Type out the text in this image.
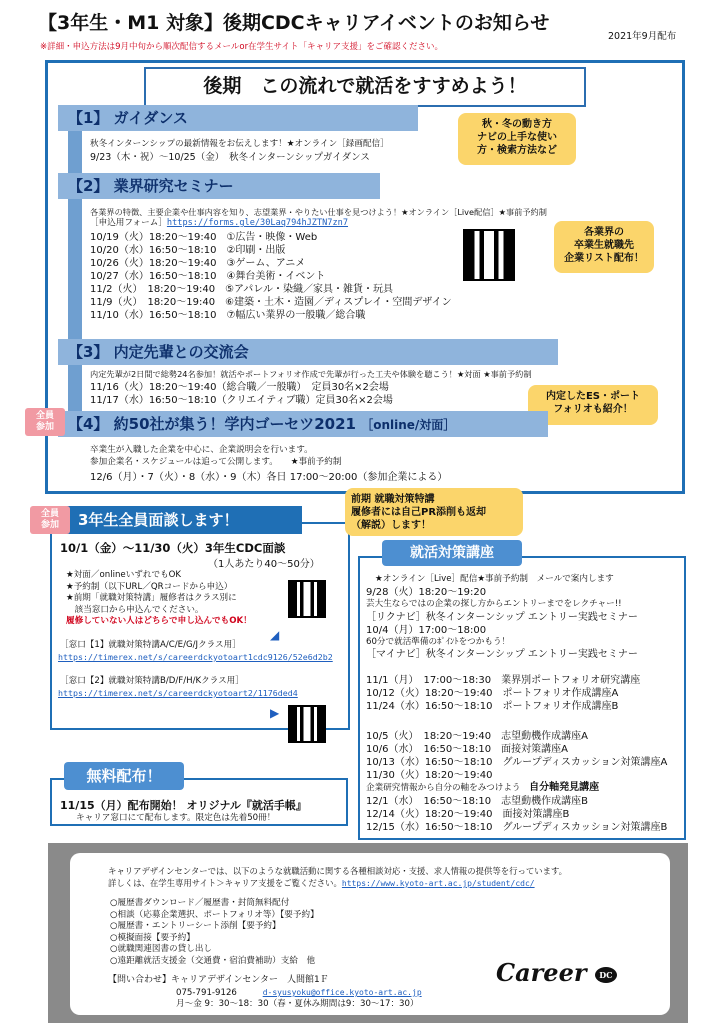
【3年生・M1 対象】後期CDCキャリアイベントのお知らせ
2021年9月配布
※詳細・申込方法は9月中旬から順次配信するメールor在学生サイト「キャリア支援」をご確認ください。
後期　この流れで就活をすすめよう！
【1】 ガイダンス
秋冬インターンシップの最新情報をお伝えします！★オンライン［録画配信］
9/23（木・祝）〜10/25（金）　秋冬インターンシップガイダンス
秋・冬の動き方
ナビの上手な使い
方・検索方法など
【2】 業界研究セミナー
各業界の特徴、主要企業や仕事内容を知り、志望業界・やりたい仕事を見つけよう！★オンライン［Live配信］★事前予約制
［申込用フォーム］https://forms.gle/30Laq794hJZTN7zn7
10/19（火）18:20〜19:40　①広告・映像・Web
10/20（水）16:50〜18:10　②印刷・出版
10/26（火）18:20〜19:40　③ゲーム、アニメ
10/27（水）16:50〜18:10　④舞台美術・イベント
11/2（火）　18:20〜19:40　⑤アパレル・染織／家具・雑貨・玩具
11/9（火）　18:20〜19:40　⑥建築・土木・造園／ディスプレイ・空間デザイン
11/10（水）16:50〜18:10　⑦幅広い業界の一般職／総合職
各業界の
卒業生就職先
企業リスト配布！
【3】 内定先輩との交流会
内定先輩が2日間で総勢24名参加！就活やポートフォリオ作成で先輩が行った工夫や体験を聴こう！★対面 ★事前予約制
11/16（火）18:20〜19:40（総合職／一般職）　定員30名×2会場
11/17（水）16:50〜18:10（クリエイティブ職）定員30名×2会場	内定したES・ポート
フォリオも紹介！
【4】 約50社が集う！学内ゴーセツ2021 ［online/対面］
卒業生が入職した企業を中心に、企業説明会を行います。
参加企業名・スケジュールは追って公開します。　　★事前予約制
12/6（月）・7（火）・8（水）・9（木）各日 17:00〜20:00（参加企業による）
全員
参加
3年生全員面談します！
全員
参加
前期 就職対策特講
履修者には自己PR添削も返却
（解説）します！
10/1（金）〜11/30（火）3年生CDC面談
（1人あたり40〜50分）
★対面／onlineいずれでもOK
★予約制（以下URL／QRコードから申込）
★前期「就職対策特講」履修者はクラス別に
　該当窓口から申込んでください。
履修していない人はどちらで申し込んでもOK！
◢
［窓口【1】就職対策特講A/C/E/G/Jクラス用］
https://timerex.net/s/careerdckyotoart1cdc9126/52e6d2b2
［窓口【2】就職対策特講B/D/F/H/Kクラス用］
https://timerex.net/s/careerdckyotoart2/1176ded4
▶
無料配布！
11/15（月）配布開始！ オリジナル『就活手帳』
キャリア窓口にて配布します。限定色は先着50冊！
就活対策講座
★オンライン［Live］配信★事前予約制　メールで案内します
9/28（火）18:20〜19:20
芸大生ならではの企業の探し方からエントリーまでをレクチャー!!
［リクナビ］秋冬インターンシップ エントリー実践セミナー
10/4（月）17:00〜18:00
60分で就活準備のﾎﾟｲﾝﾄをつかもう！
［マイナビ］秋冬インターンシップ エントリー実践セミナー
11/1（月）　17:00〜18:30　業界別ポートフォリオ研究講座
10/12（火）18:20〜19:40　ポートフォリオ作成講座A
11/24（水）16:50〜18:10　ポートフォリオ作成講座B
10/5（火）　18:20〜19:40　志望動機作成講座A
10/6（水）　16:50〜18:10　面接対策講座A
10/13（水）16:50〜18:10　グループディスカッション対策講座A
11/30（火）18:20〜19:40
企業研究情報から自分の軸をみつけよう　 自分軸発見講座
12/1（水）　16:50〜18:10　志望動機作成講座B
12/14（火）18:20〜19:40　面接対策講座B
12/15（水）16:50〜18:10　グループディスカッション対策講座B
キャリアデザインセンターでは、以下のような就職活動に関する各種相談対応・支援、求人情報の提供等を行っています。
詳しくは、在学生専用サイト＞キャリア支援をご覧ください。https://www.kyoto-art.ac.jp/student/cdc/
○履歴書ダウンロード／履歴書・封筒無料配付
○相談（応募企業選択、ポートフォリオ等）【要予約】
○履歴書・エントリーシート添削【要予約】
○模擬面接【要予約】
○就職関連図書の貸し出し
○遠距離就活支援金（交通費・宿泊費補助）支給　他
【問い合わせ】キャリアデザインセンター　人間館1Ｆ
075-791-9126　　　	d-syusyoku@office.kyoto-art.ac.jp
月〜金 9：30〜18：30（春・夏休み期間は9：30〜17：30）
Career DC
